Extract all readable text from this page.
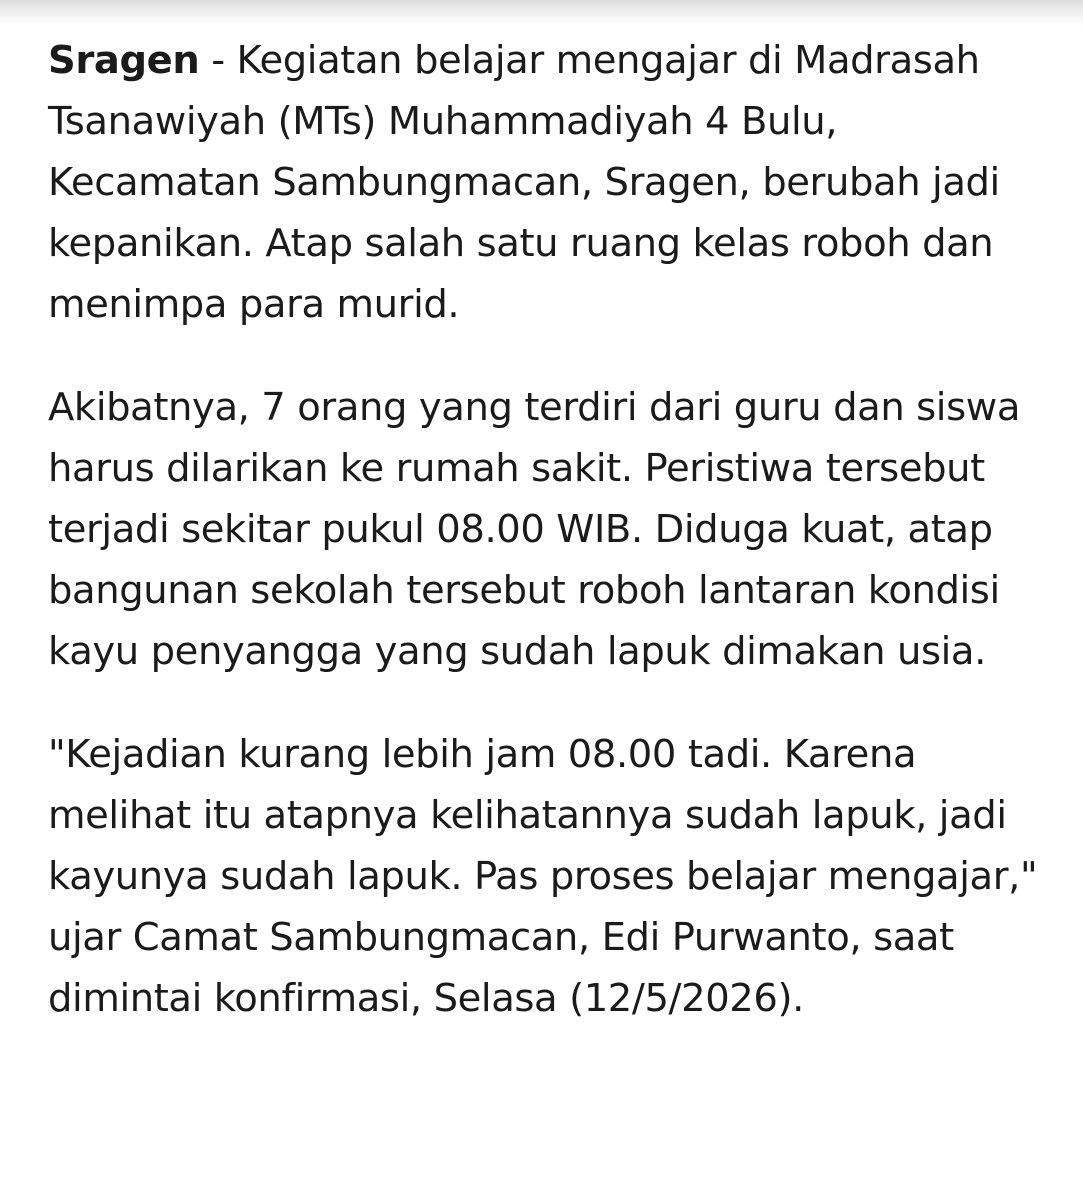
Sragen - Kegiatan belajar mengajar di Madrasah Tsanawiyah (MTs) Muhammadiyah 4 Bulu, Kecamatan Sambungmacan, Sragen, berubah jadi kepanikan. Atap salah satu ruang kelas roboh dan menimpa para murid.

Akibatnya, 7 orang yang terdiri dari guru dan siswa harus dilarikan ke rumah sakit. Peristiwa tersebut terjadi sekitar pukul 08.00 WIB. Diduga kuat, atap bangunan sekolah tersebut roboh lantaran kondisi kayu penyangga yang sudah lapuk dimakan usia.

"Kejadian kurang lebih jam 08.00 tadi. Karena melihat itu atapnya kelihatannya sudah lapuk, jadi kayunya sudah lapuk. Pas proses belajar mengajar," ujar Camat Sambungmacan, Edi Purwanto, saat dimintai konfirmasi, Selasa (12/5/2026).
